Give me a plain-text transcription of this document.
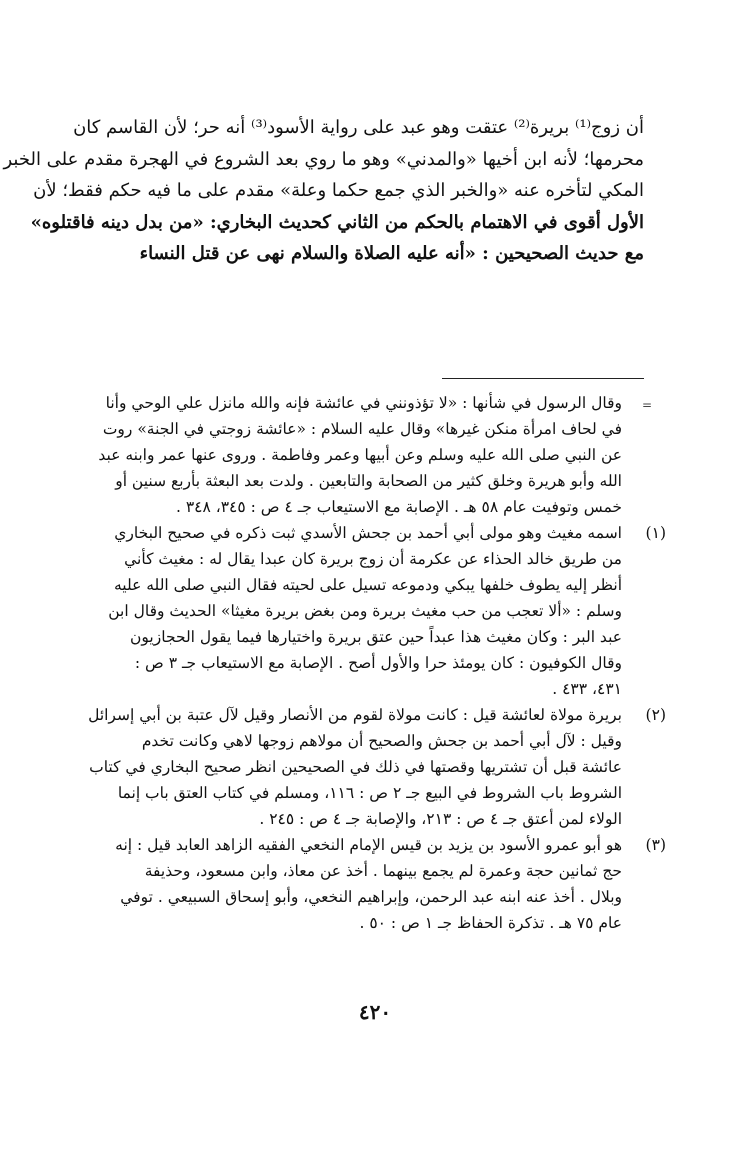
أن زوج⁽¹⁾ بريرة⁽²⁾ عتقت وهو عبد على رواية الأسود⁽³⁾ أنه حر؛ لأن القاسم كان

محرمها؛ لأنه ابن أخيها «والمدني» وهو ما روي بعد الشروع في الهجرة مقدم على الخبر

المكي لتأخره عنه «والخبر الذي جمع حكما وعلة» مقدم على ما فيه حكم فقط؛ لأن

الأول أقوى في الاهتمام بالحكم من الثاني كحديث البخاري: «من بدل دينه فاقتلوه»

مع حديث الصحيحين : «أنه عليه الصلاة والسلام نهى عن قتل النساء

=
وقال الرسول في شأنها : «لا تؤذونني في عائشة فإنه والله مانزل علي الوحي وأنا في لحاف امرأة منكن غيرها» وقال عليه السلام : «عائشة زوجتي في الجنة» روت عن النبي صلى الله عليه وسلم وعن أبيها وعمر وفاطمة . وروى عنها عمر وابنه عبد الله وأبو هريرة وخلق كثير من الصحابة والتابعين . ولدت بعد البعثة بأربع سنين أو خمس وتوفيت عام ٥٨ هـ . الإصابة مع الاستيعاب جـ ٤ ص : ٣٤٥، ٣٤٨ .
(١)
اسمه مغيث وهو مولى أبي أحمد بن جحش الأسدي ثبت ذكره في صحيح البخاري
من طريق خالد الحذاء عن عكرمة أن زوج بريرة كان عبدا يقال له : مغيث كأني
أنظر إليه يطوف خلفها يبكي ودموعه تسيل على لحيته فقال النبي صلى الله عليه
وسلم : «ألا تعجب من حب مغيث بريرة ومن بغض بريرة مغيثا» الحديث وقال ابن
عبد البر : وكان مغيث هذا عبداً حين عتق بريرة واختيارها فيما يقول الحجازيون
وقال الكوفيون : كان يومئذ حرا والأول أصح . الإصابة مع الاستيعاب جـ ٣ ص :
٤٣١، ٤٣٣ .
(٢)
بريرة مولاة لعائشة قيل : كانت مولاة لقوم من الأنصار وقيل لآل عتبة بن أبي إسرائل
وقيل : لآل أبي أحمد بن جحش والصحيح أن مولاهم زوجها لاهي وكانت تخدم
عائشة قبل أن تشتريها وقصتها في ذلك في الصحيحين انظر صحيح البخاري في كتاب
الشروط باب الشروط في البيع جـ ٢ ص : ١١٦، ومسلم في كتاب العتق باب إنما
الولاء لمن أعتق جـ ٤ ص : ٢١٣، والإصابة جـ ٤ ص : ٢٤٥ .
(٣)
هو أبو عمرو الأسود بن يزيد بن قيس الإمام النخعي الفقيه الزاهد العابد قيل : إنه
حج ثمانين حجة وعمرة لم يجمع بينهما . أخذ عن معاذ، وابن مسعود، وحذيفة
وبلال . أخذ عنه ابنه عبد الرحمن، وإبراهيم النخعي، وأبو إسحاق السبيعي . توفي
عام ٧٥ هـ . تذكرة الحفاظ جـ ١ ص : ٥٠ .
٤٢٠
